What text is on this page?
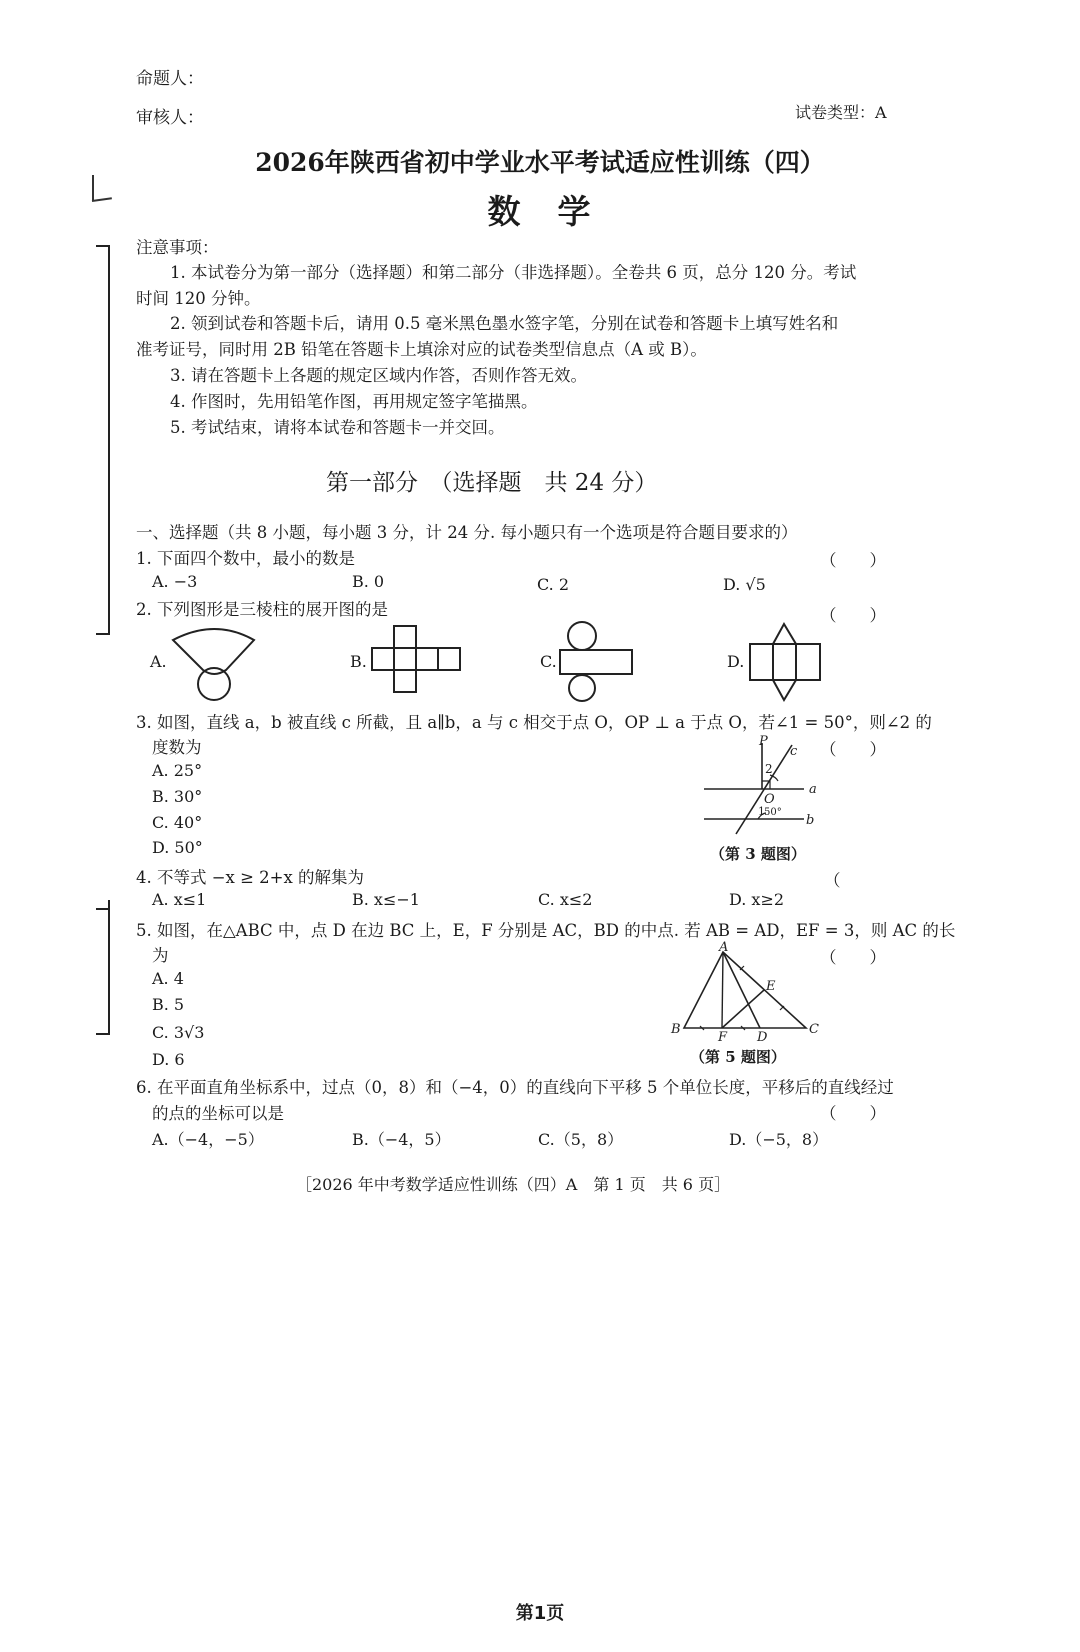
命题人：
审核人：	试卷类型：A
2026年陕西省初中学业水平考试适应性训练（四）
数　学
注意事项：
1. 本试卷分为第一部分（选择题）和第二部分（非选择题）。全卷共 6 页，总分 120 分。考试
时间 120 分钟。
2. 领到试卷和答题卡后，请用 0.5 毫米黑色墨水签字笔，分别在试卷和答题卡上填写姓名和
准考证号，同时用 2B 铅笔在答题卡上填涂对应的试卷类型信息点（A 或 B）。
3. 请在答题卡上各题的规定区域内作答，否则作答无效。
4. 作图时，先用铅笔作图，再用规定签字笔描黑。
5. 考试结束，请将本试卷和答题卡一并交回。
第一部分　（选择题　共 24 分）
一、选择题（共 8 小题，每小题 3 分，计 24 分. 每小题只有一个选项是符合题目要求的）
1. 下面四个数中，最小的数是	（　　）
A. −3	B. 0	C. 2	D. √5
2. 下列图形是三棱柱的展开图的是	（　　）
A.	B.	C.	D.
3. 如图，直线 a，b 被直线 c 所截，且 a∥b，a 与 c 相交于点 O，OP ⊥ a 于点 O，若∠1 = 50°，则∠2 的
度数为	（　　）
A. 25°
B. 30°
C. 40°
D. 50°
P
c
a
b
O
2
1 50°
（第 3 题图）
4. 不等式 −x ≥ 2+x 的解集为	（
A. x≤1	B. x≤−1	C. x≤2	D. x≥2
5. 如图，在△ABC 中，点 D 在边 BC 上，E，F 分别是 AC，BD 的中点. 若 AB = AD，EF = 3，则 AC 的长
为	（　　）
A. 4
B. 5
C. 3√3
D. 6
A
B	C
D
E
F
（第 5 题图）
6. 在平面直角坐标系中，过点（0，8）和（−4，0）的直线向下平移 5 个单位长度，平移后的直线经过
的点的坐标可以是	（　　）
A.（−4，−5）	B.（−4，5）	C.（5，8）	D.（−5，8）
［2026 年中考数学适应性训练（四）A　第 1 页　共 6 页］
第1页
